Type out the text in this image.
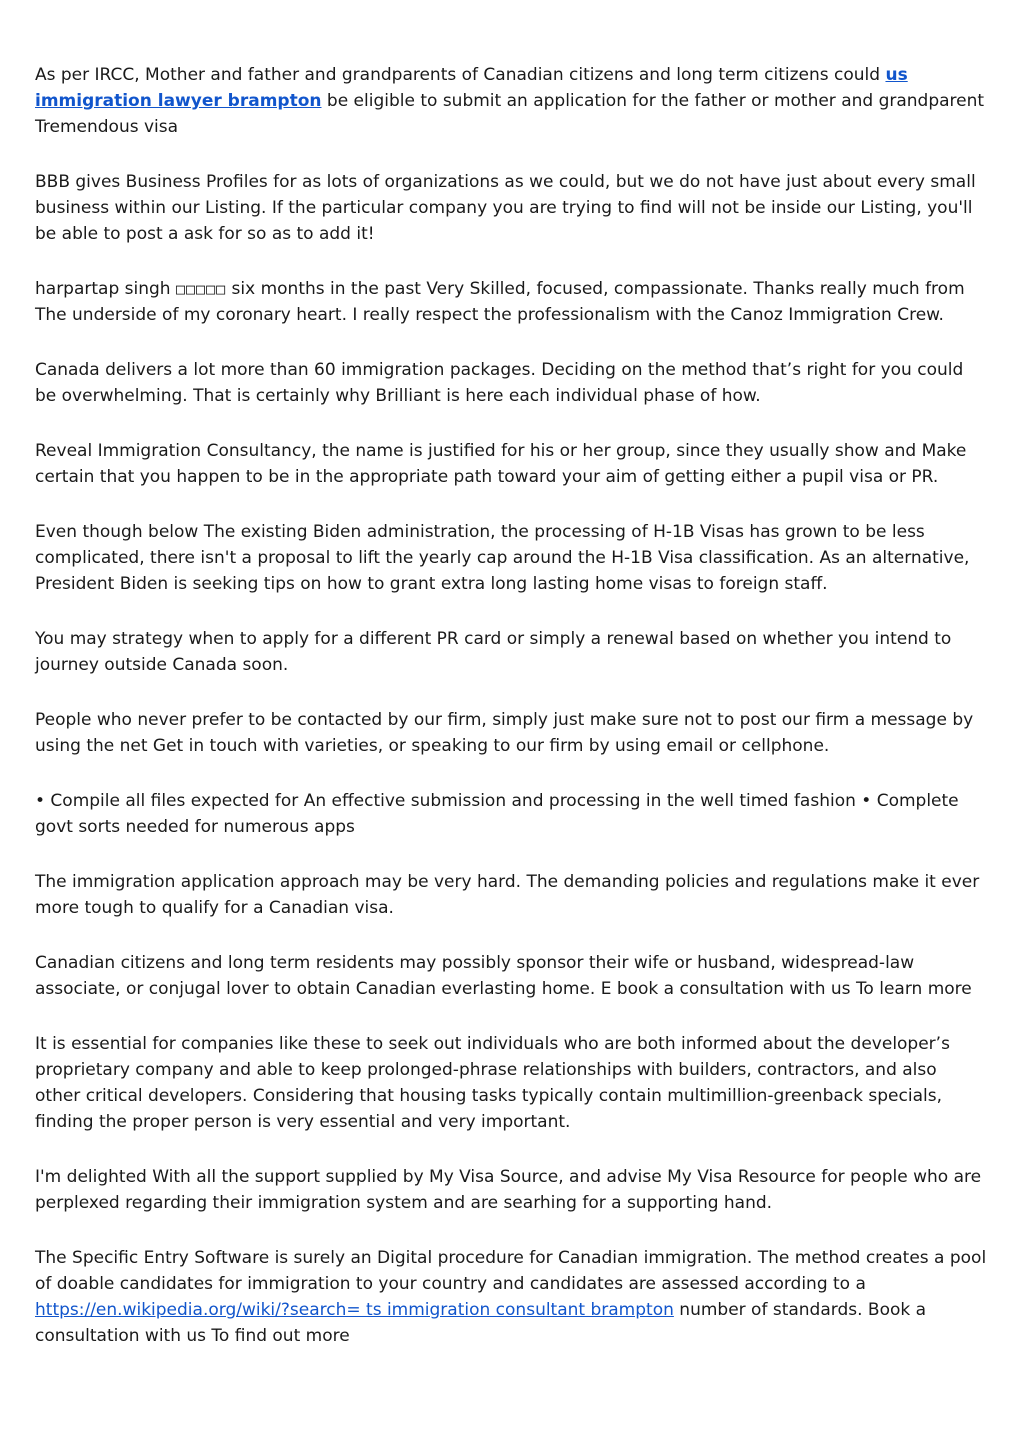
As per IRCC, Mother and father and grandparents of Canadian citizens and long term citizens could us immigration lawyer brampton be eligible to submit an application for the father or mother and grandparent Tremendous visa

BBB gives Business Profiles for as lots of organizations as we could, but we do not have just about every small business within our Listing. If the particular company you are trying to find will not be inside our Listing, you'll be able to post a ask for so as to add it!

harpartap singh □□□□□ six months in the past Very Skilled, focused, compassionate. Thanks really much from The underside of my coronary heart. I really respect the professionalism with the Canoz Immigration Crew.

Canada delivers a lot more than 60 immigration packages. Deciding on the method that’s right for you could be overwhelming. That is certainly why Brilliant is here each individual phase of how.

Reveal Immigration Consultancy, the name is justified for his or her group, since they usually show and Make certain that you happen to be in the appropriate path toward your aim of getting either a pupil visa or PR.

Even though below The existing Biden administration, the processing of H-1B Visas has grown to be less complicated, there isn't a proposal to lift the yearly cap around the H-1B Visa classification. As an alternative, President Biden is seeking tips on how to grant extra long lasting home visas to foreign staff.

You may strategy when to apply for a different PR card or simply a renewal based on whether you intend to journey outside Canada soon.

People who never prefer to be contacted by our firm, simply just make sure not to post our firm a message by using the net Get in touch with varieties, or speaking to our firm by using email or cellphone.

• Compile all files expected for An effective submission and processing in the well timed fashion • Complete govt sorts needed for numerous apps

The immigration application approach may be very hard. The demanding policies and regulations make it ever more tough to qualify for a Canadian visa.

Canadian citizens and long term residents may possibly sponsor their wife or husband, widespread-law associate, or conjugal lover to obtain Canadian everlasting home. E book a consultation with us To learn more

It is essential for companies like these to seek out individuals who are both informed about the developer’s proprietary company and able to keep prolonged-phrase relationships with builders, contractors, and also other critical developers. Considering that housing tasks typically contain multimillion-greenback specials, finding the proper person is very essential and very important.

I'm delighted With all the support supplied by My Visa Source, and advise My Visa Resource for people who are perplexed regarding their immigration system and are searhing for a supporting hand.

The Specific Entry Software is surely an Digital procedure for Canadian immigration. The method creates a pool of doable candidates for immigration to your country and candidates are assessed according to a https://en.wikipedia.org/wiki/?search= ts immigration consultant brampton number of standards. Book a consultation with us To find out more
